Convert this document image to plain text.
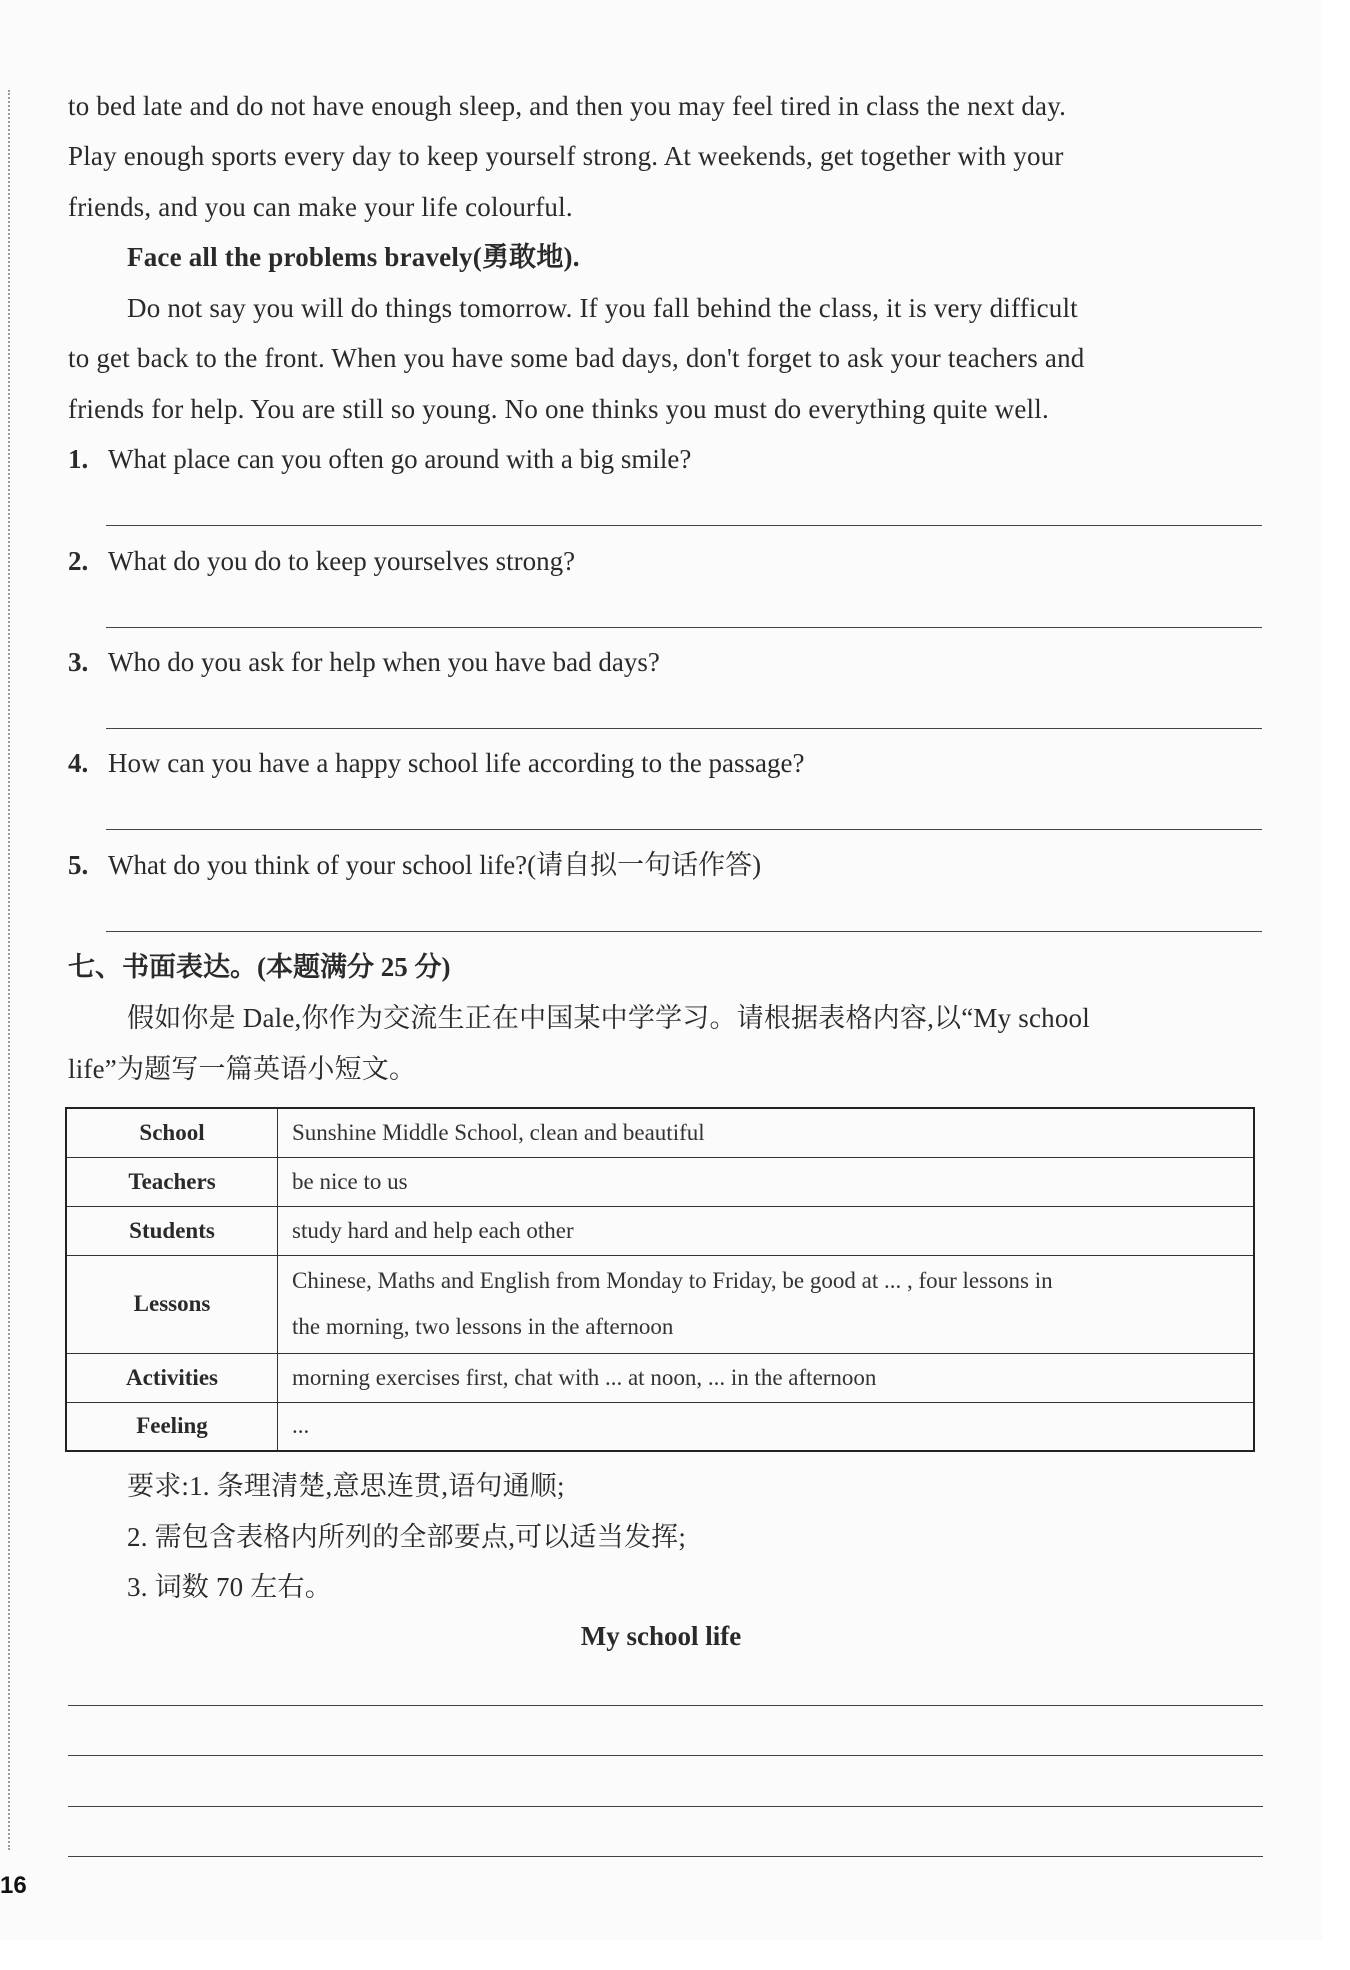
to bed late and do not have enough sleep, and then you may feel tired in class the next day.
Play enough sports every day to keep yourself strong. At weekends, get together with your
friends, and you can make your life colourful.
Face all the problems bravely(勇敢地).
Do not say you will do things tomorrow. If you fall behind the class, it is very difficult
to get back to the front. When you have some bad days, don't forget to ask your teachers and
friends for help. You are still so young. No one thinks you must do everything quite well.
1. What place can you often go around with a big smile?
2. What do you do to keep yourselves strong?
3. Who do you ask for help when you have bad days?
4. How can you have a happy school life according to the passage?
5. What do you think of your school life?(请自拟一句话作答)
七、书面表达。(本题满分 25 分)
假如你是 Dale,你作为交流生正在中国某中学学习。请根据表格内容,以“My school
life”为题写一篇英语小短文。
School	Sunshine Middle School, clean and beautiful
Teachers	be nice to us
Students	study hard and help each other
Lessons	Chinese, Maths and English from Monday to Friday, be good at ... , four lessons in
the morning, two lessons in the afternoon

Activities	morning exercises first, chat with ... at noon, ... in the afternoon
Feeling	...
要求:1. 条理清楚,意思连贯,语句通顺;
2. 需包含表格内所列的全部要点,可以适当发挥;
3. 词数 70 左右。
My school life
16
